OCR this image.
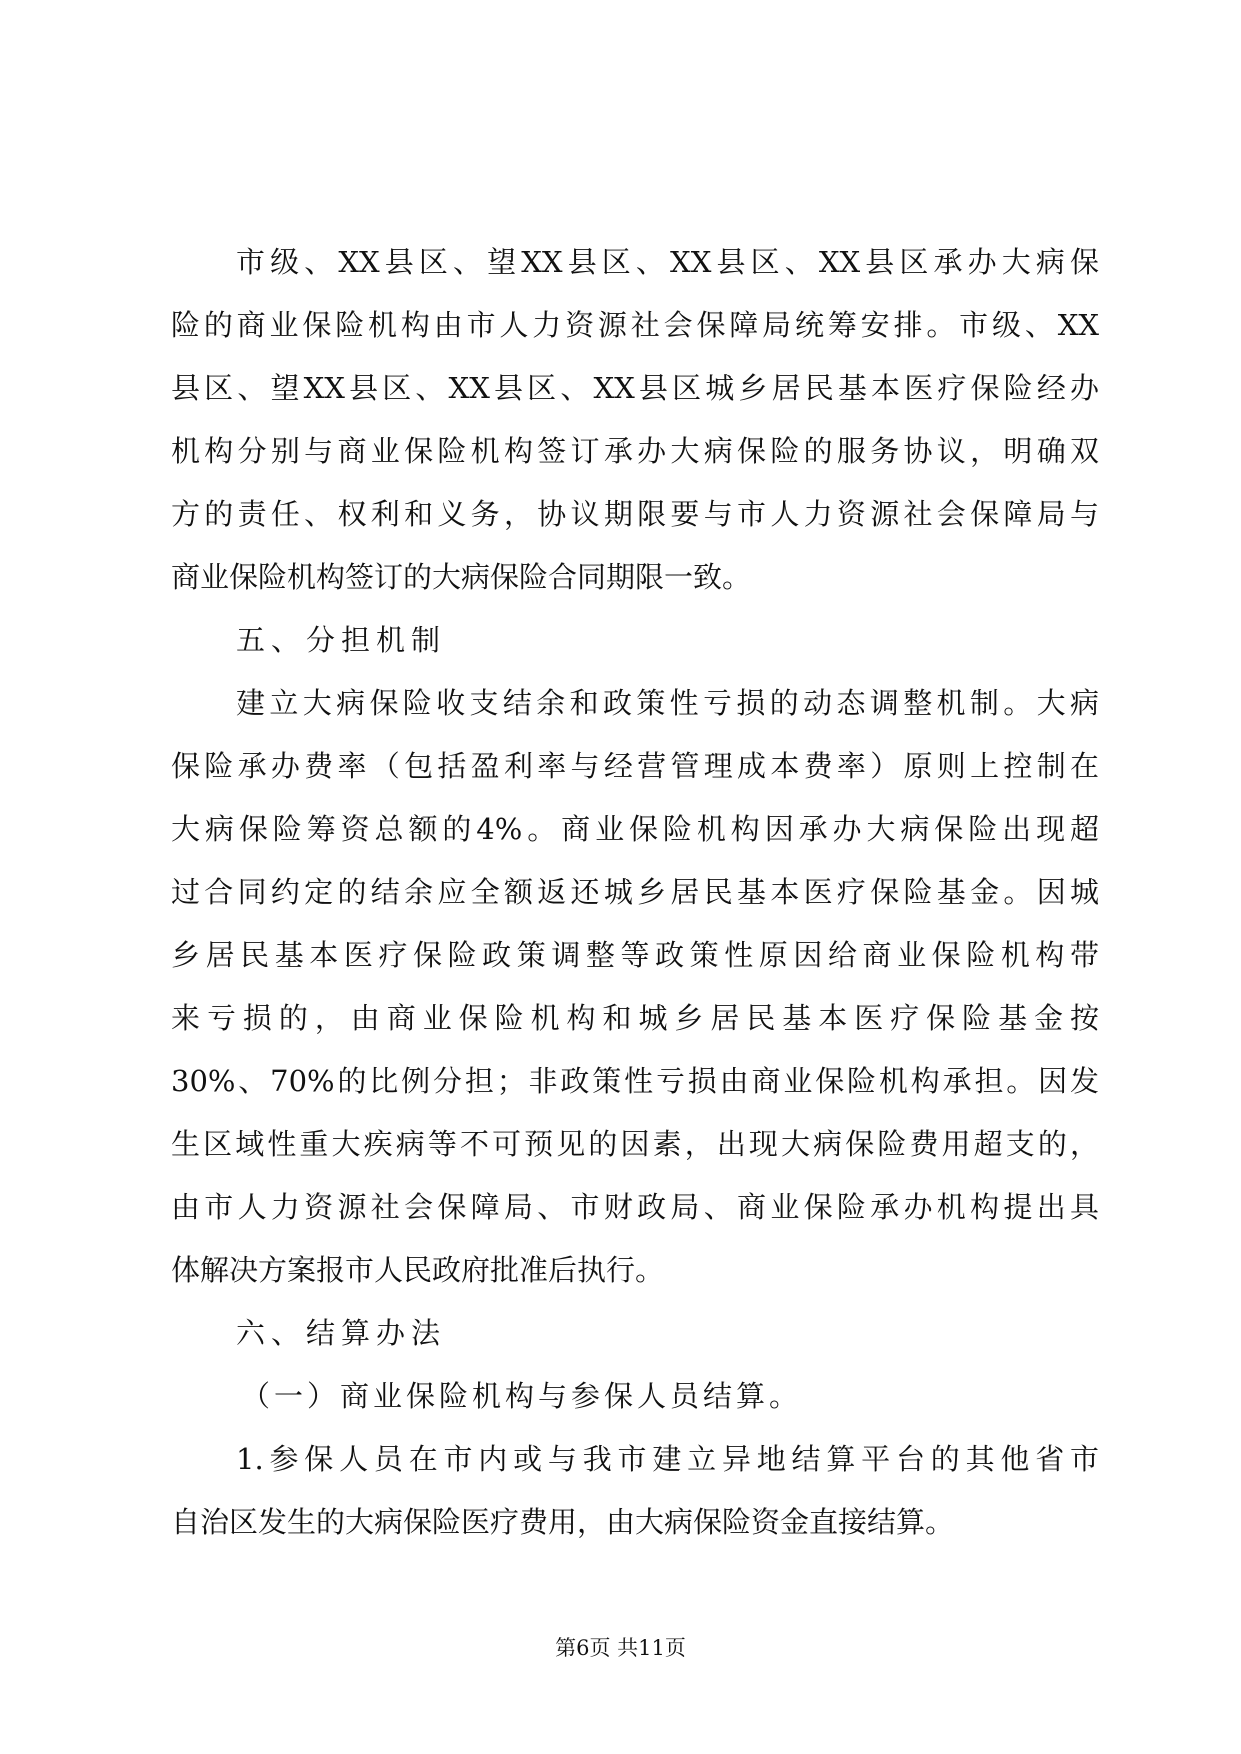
市级、XX县区、望XX县区、XX县区、XX县区承办大病保
险的商业保险机构由市人力资源社会保障局统筹安排。市级、XX
县区、望XX县区、XX县区、XX县区城乡居民基本医疗保险经办
机构分别与商业保险机构签订承办大病保险的服务协议，明确双
方的责任、权利和义务，协议期限要与市人力资源社会保障局与
商业保险机构签订的大病保险合同期限一致。
五、分担机制
建立大病保险收支结余和政策性亏损的动态调整机制。大病
保险承办费率（包括盈利率与经营管理成本费率）原则上控制在
大病保险筹资总额的4%。商业保险机构因承办大病保险出现超
过合同约定的结余应全额返还城乡居民基本医疗保险基金。因城
乡居民基本医疗保险政策调整等政策性原因给商业保险机构带
来亏损的，由商业保险机构和城乡居民基本医疗保险基金按
30%、70%的比例分担；非政策性亏损由商业保险机构承担。因发
生区域性重大疾病等不可预见的因素，出现大病保险费用超支的，
由市人力资源社会保障局、市财政局、商业保险承办机构提出具
体解决方案报市人民政府批准后执行。
六、结算办法
（一）商业保险机构与参保人员结算。
1.参保人员在市内或与我市建立异地结算平台的其他省市
自治区发生的大病保险医疗费用，由大病保险资金直接结算。
第6页 共11页
